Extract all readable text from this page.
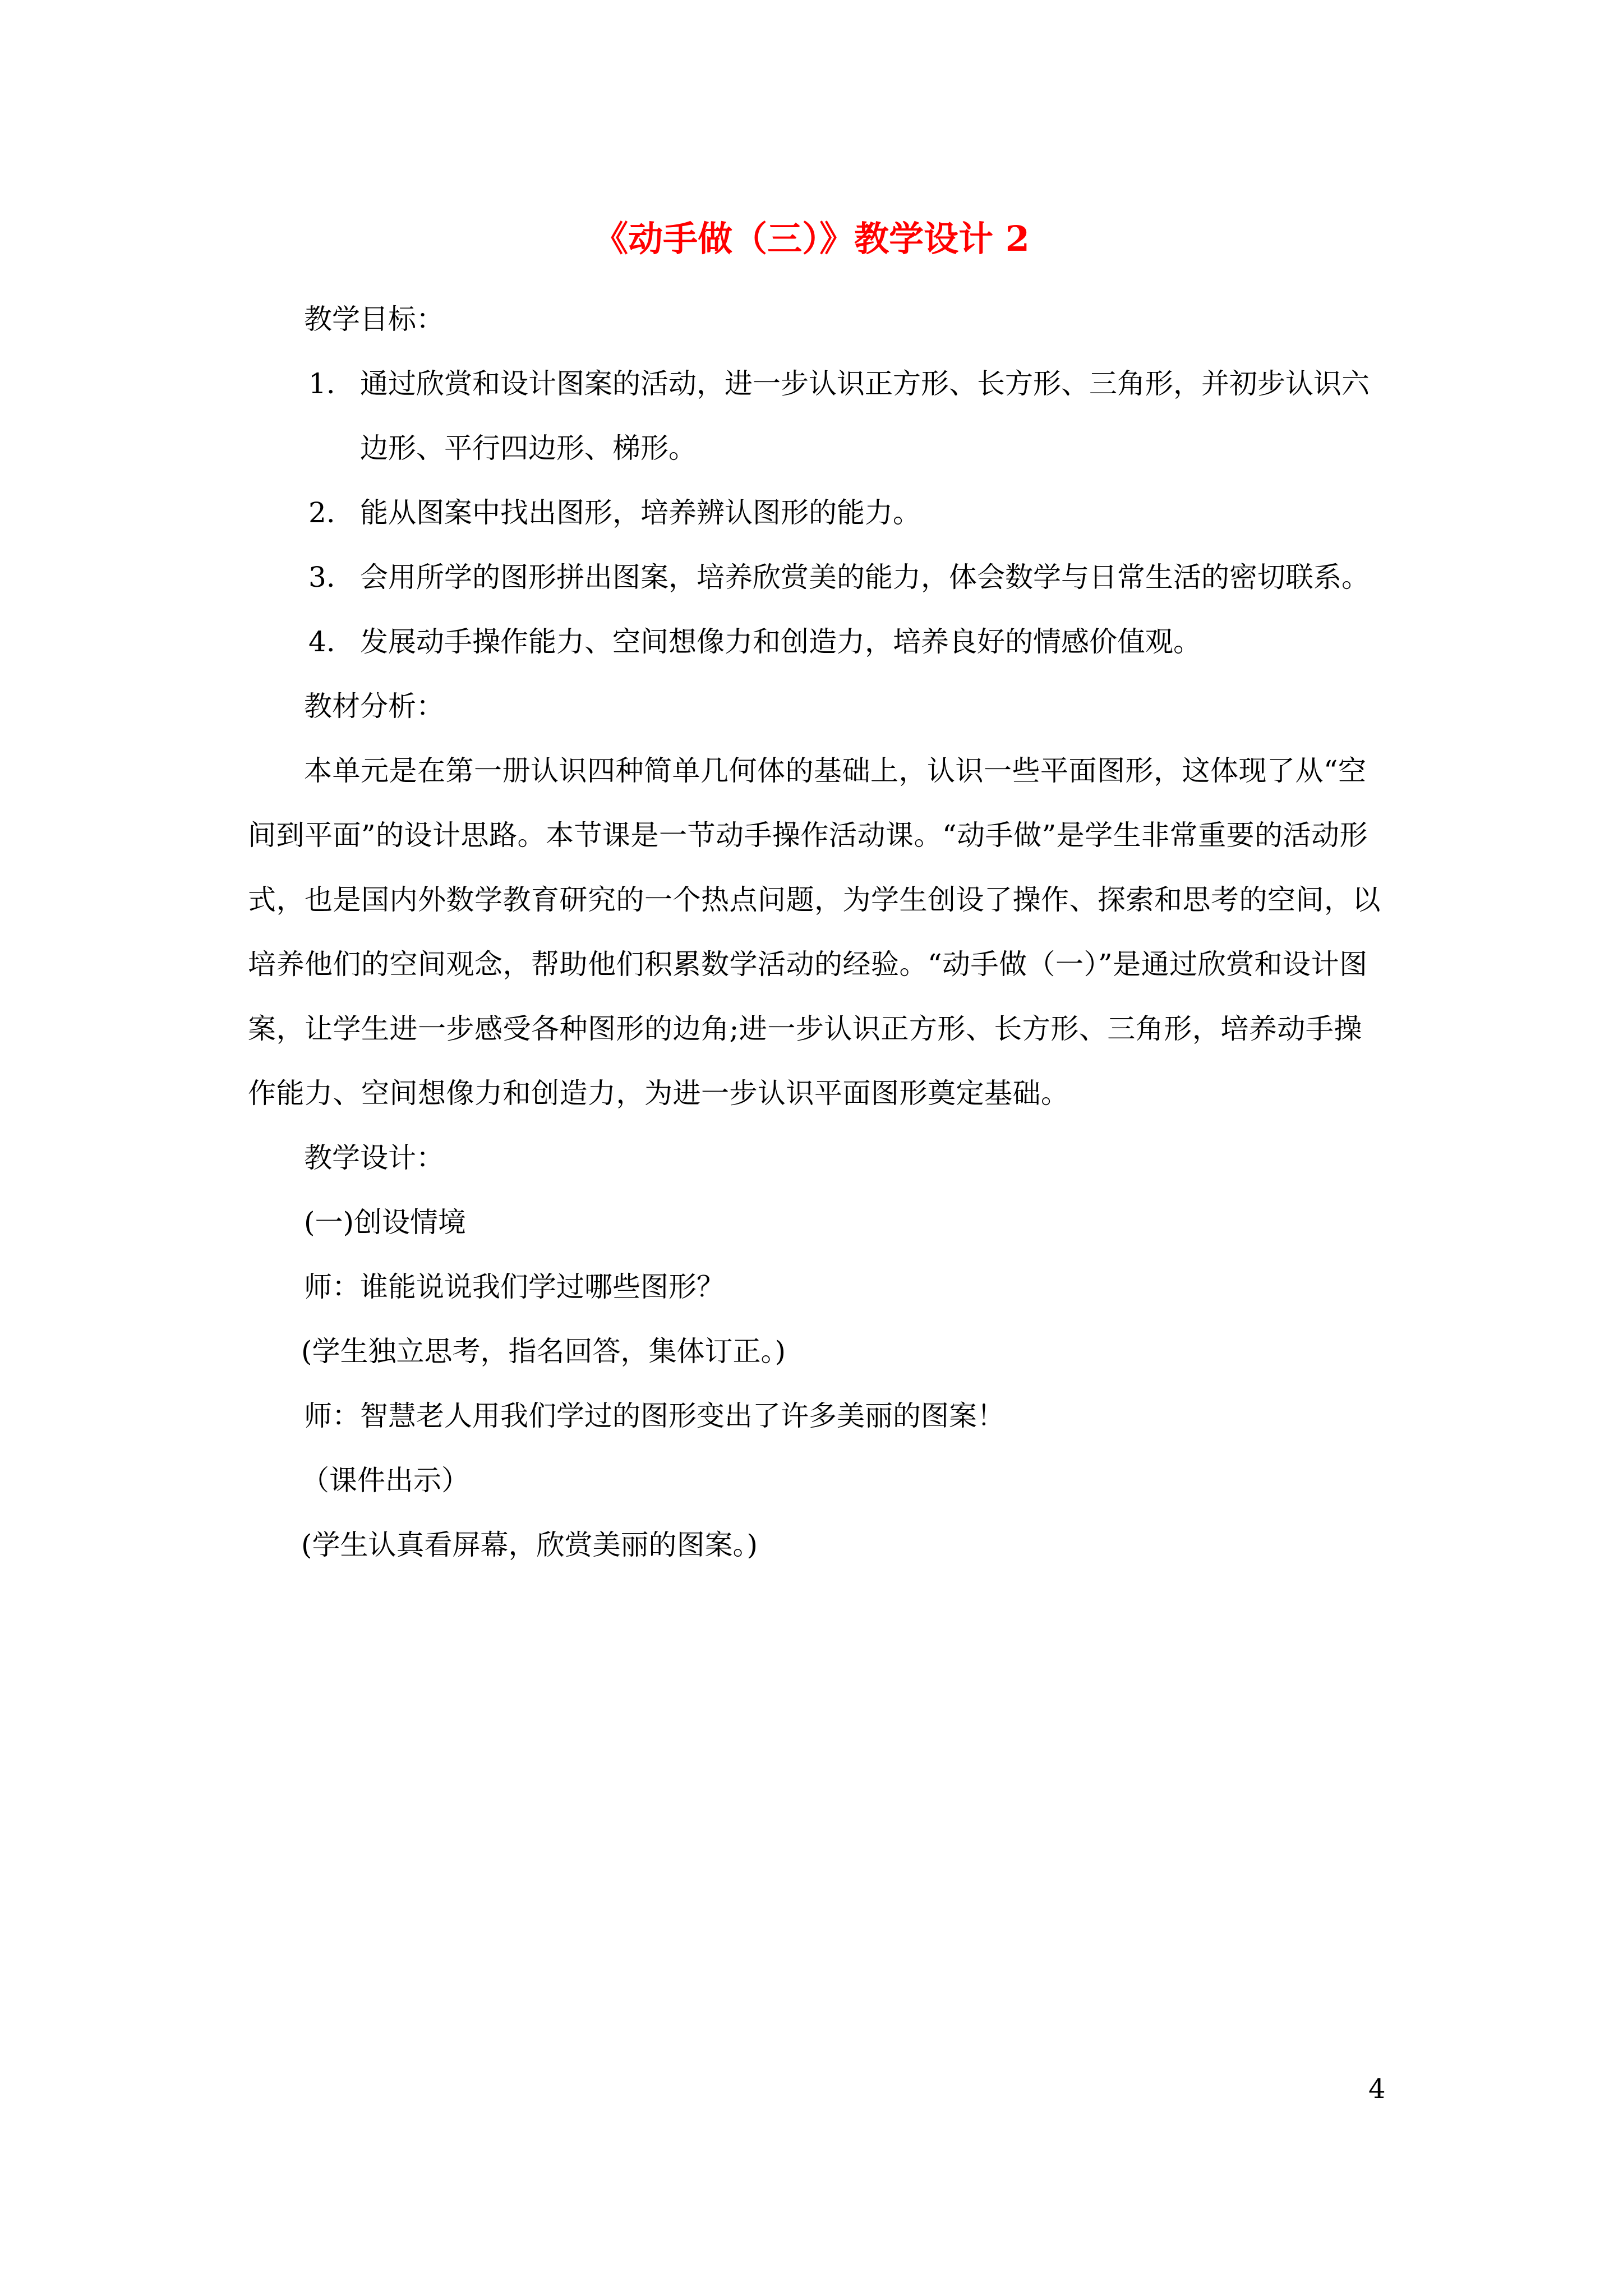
《动手做（三）》教学设计 2

教学目标：

1. 通过欣赏和设计图案的活动，进一步认识正方形、长方形、三角形，并初步认识六边形、平行四边形、梯形。
2. 能从图案中找出图形，培养辨认图形的能力。
3. 会用所学的图形拼出图案，培养欣赏美的能力，体会数学与日常生活的密切联系。
4. 发展动手操作能力、空间想像力和创造力，培养良好的情感价值观。

教材分析：

本单元是在第一册认识四种简单几何体的基础上，认识一些平面图形，这体现了从“空间到平面”的设计思路。本节课是一节动手操作活动课。“动手做”是学生非常重要的活动形式，也是国内外数学教育研究的一个热点问题，为学生创设了操作、探索和思考的空间，以培养他们的空间观念，帮助他们积累数学活动的经验。“动手做（一）”是通过欣赏和设计图案，让学生进一步感受各种图形的边角;进一步认识正方形、长方形、三角形，培养动手操作能力、空间想像力和创造力，为进一步认识平面图形奠定基础。

教学设计：

(一)创设情境

师：谁能说说我们学过哪些图形？

(学生独立思考，指名回答，集体订正。)

师：智慧老人用我们学过的图形变出了许多美丽的图案！

（课件出示）

(学生认真看屏幕，欣赏美丽的图案。)

4
